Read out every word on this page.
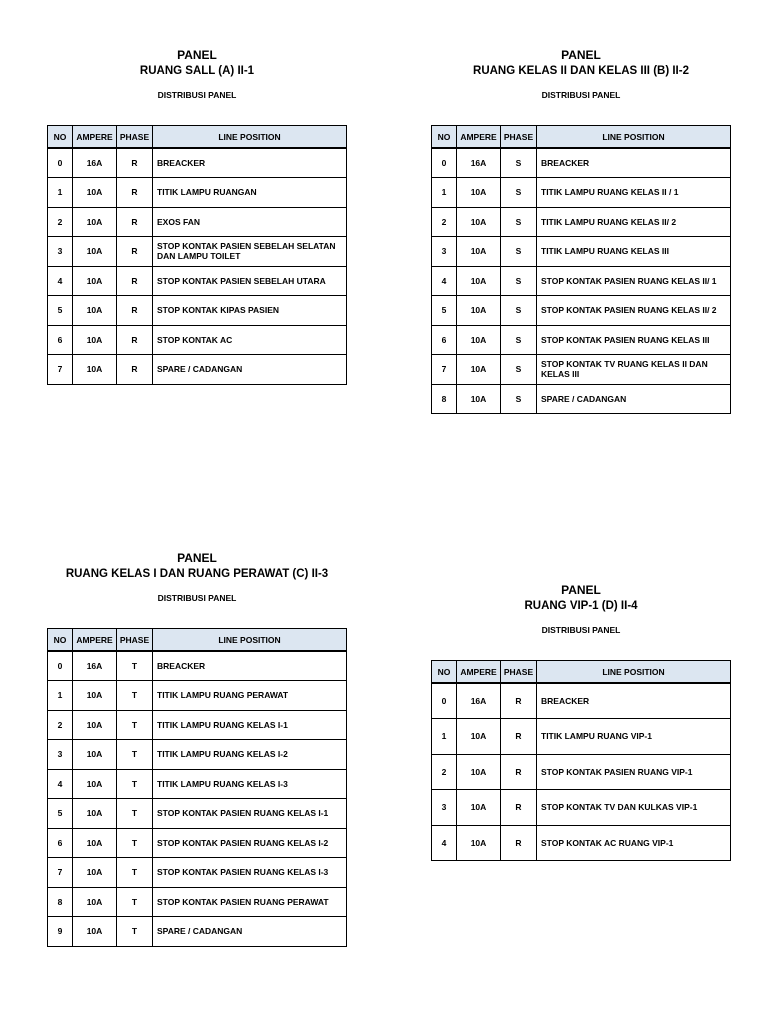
PANEL
RUANG SALL (A) II-1
DISTRIBUSI PANEL
NO	AMPERE	PHASE	LINE POSITION
0	16A	R	BREACKER
1	10A	R	TITIK LAMPU RUANGAN
2	10A	R	EXOS FAN
3	10A	R	STOP KONTAK PASIEN SEBELAH SELATAN DAN LAMPU TOILET
4	10A	R	STOP KONTAK PASIEN SEBELAH UTARA
5	10A	R	STOP KONTAK KIPAS PASIEN
6	10A	R	STOP KONTAK AC
7	10A	R	SPARE / CADANGAN
PANEL
RUANG KELAS II DAN KELAS III (B) II-2
DISTRIBUSI PANEL
NO	AMPERE	PHASE	LINE POSITION
0	16A	S	BREACKER
1	10A	S	TITIK LAMPU RUANG KELAS II / 1
2	10A	S	TITIK LAMPU RUANG KELAS II/ 2
3	10A	S	TITIK LAMPU RUANG KELAS III
4	10A	S	STOP KONTAK PASIEN RUANG KELAS II/ 1
5	10A	S	STOP KONTAK PASIEN RUANG KELAS II/ 2
6	10A	S	STOP KONTAK PASIEN RUANG KELAS III
7	10A	S	STOP KONTAK TV RUANG KELAS II DAN KELAS III
8	10A	S	SPARE / CADANGAN
PANEL
RUANG KELAS I DAN RUANG PERAWAT (C) II-3
DISTRIBUSI PANEL
NO	AMPERE	PHASE	LINE POSITION
0	16A	T	BREACKER
1	10A	T	TITIK LAMPU RUANG PERAWAT
2	10A	T	TITIK LAMPU RUANG KELAS I-1
3	10A	T	TITIK LAMPU RUANG KELAS I-2
4	10A	T	TITIK LAMPU RUANG KELAS I-3
5	10A	T	STOP KONTAK PASIEN RUANG KELAS I-1
6	10A	T	STOP KONTAK PASIEN RUANG KELAS I-2
7	10A	T	STOP KONTAK PASIEN RUANG KELAS I-3
8	10A	T	STOP KONTAK PASIEN RUANG PERAWAT
9	10A	T	SPARE / CADANGAN
PANEL
RUANG VIP-1 (D) II-4
DISTRIBUSI PANEL
NO	AMPERE	PHASE	LINE POSITION
0	16A	R	BREACKER
1	10A	R	TITIK LAMPU RUANG VIP-1
2	10A	R	STOP KONTAK PASIEN RUANG VIP-1
3	10A	R	STOP KONTAK TV DAN KULKAS VIP-1
4	10A	R	STOP KONTAK AC RUANG VIP-1
